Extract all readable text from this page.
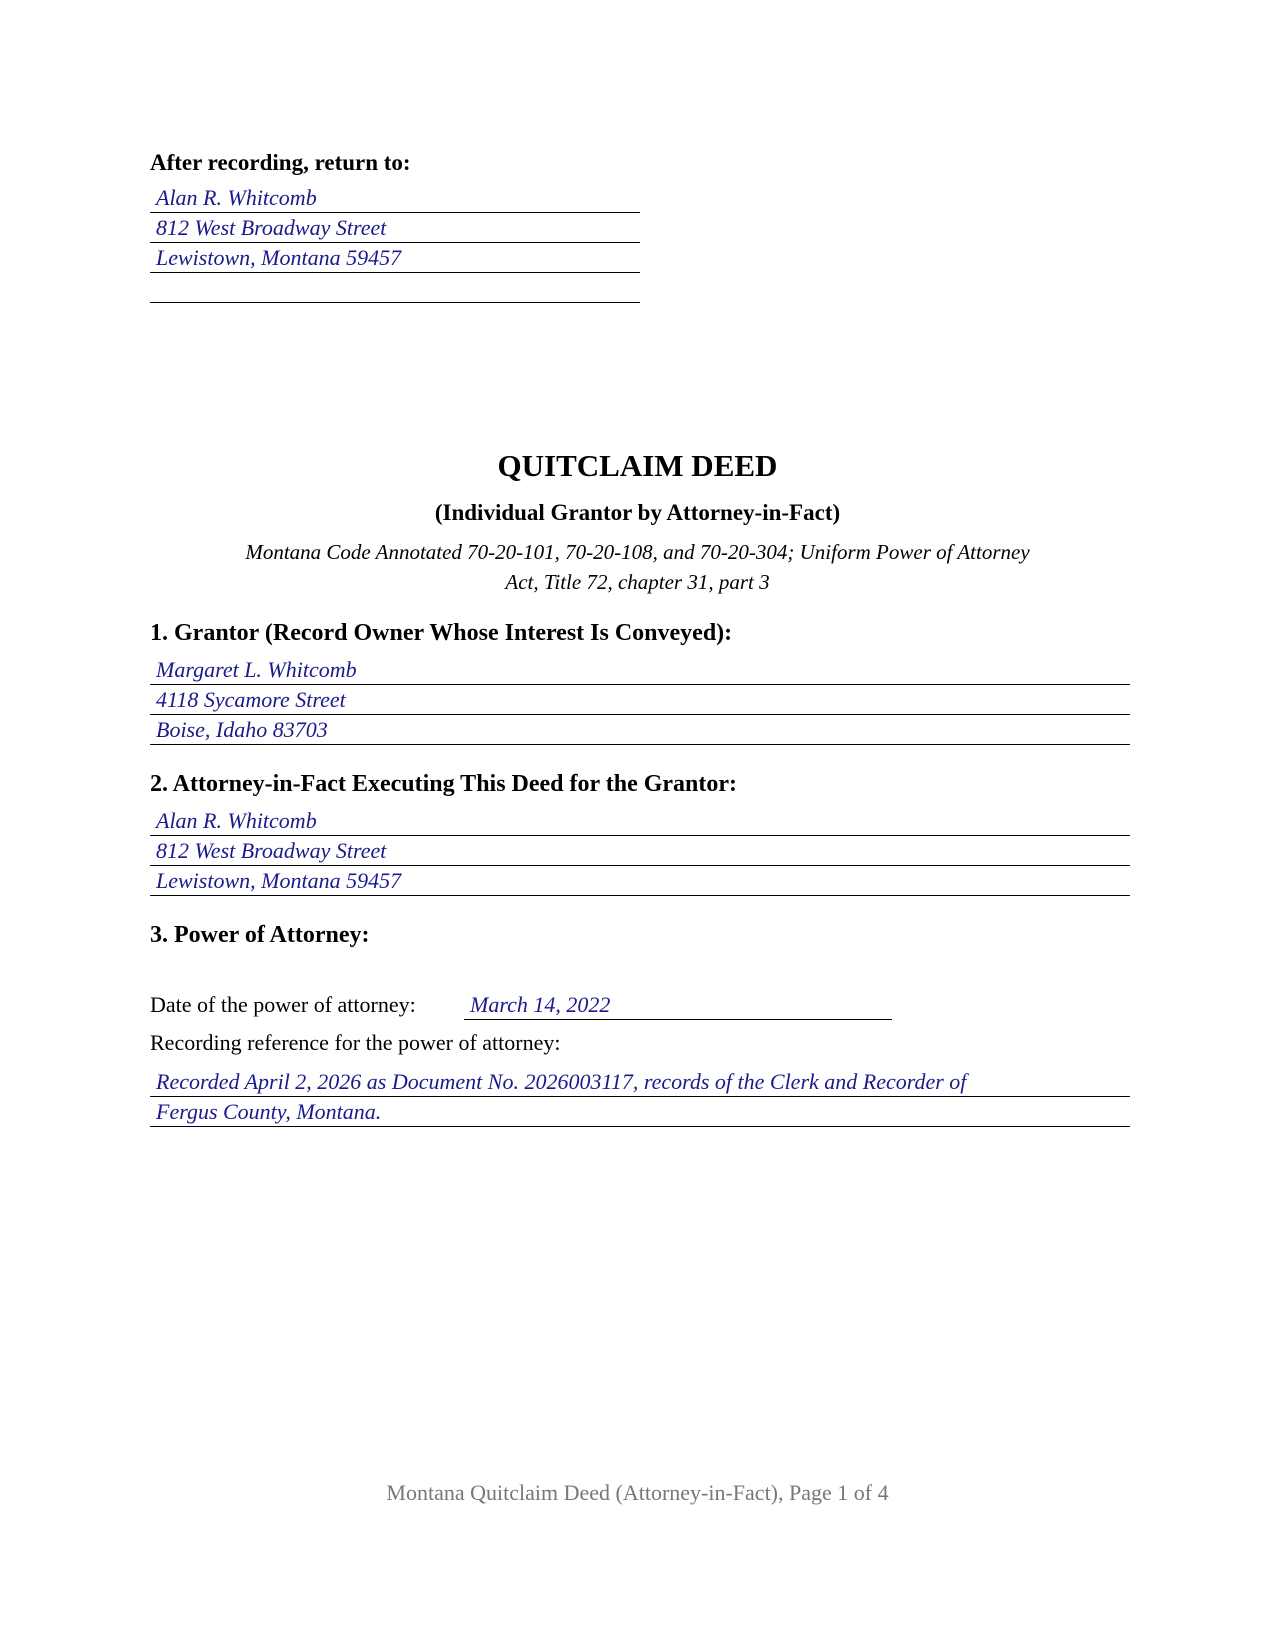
After recording, return to:
Alan R. Whitcomb
812 West Broadway Street
Lewistown, Montana 59457
QUITCLAIM DEED
(Individual Grantor by Attorney-in-Fact)
Montana Code Annotated 70-20-101, 70-20-108, and 70-20-304; Uniform Power of Attorney
Act, Title 72, chapter 31, part 3
1. Grantor (Record Owner Whose Interest Is Conveyed):
Margaret L. Whitcomb
4118 Sycamore Street
Boise, Idaho 83703
2. Attorney-in-Fact Executing This Deed for the Grantor:
Alan R. Whitcomb
812 West Broadway Street
Lewistown, Montana 59457
3. Power of Attorney:
Date of the power of attorney: March 14, 2022
Recording reference for the power of attorney:
Recorded April 2, 2026 as Document No. 2026003117, records of the Clerk and Recorder of
Fergus County, Montana.
Montana Quitclaim Deed (Attorney-in-Fact), Page 1 of 4
